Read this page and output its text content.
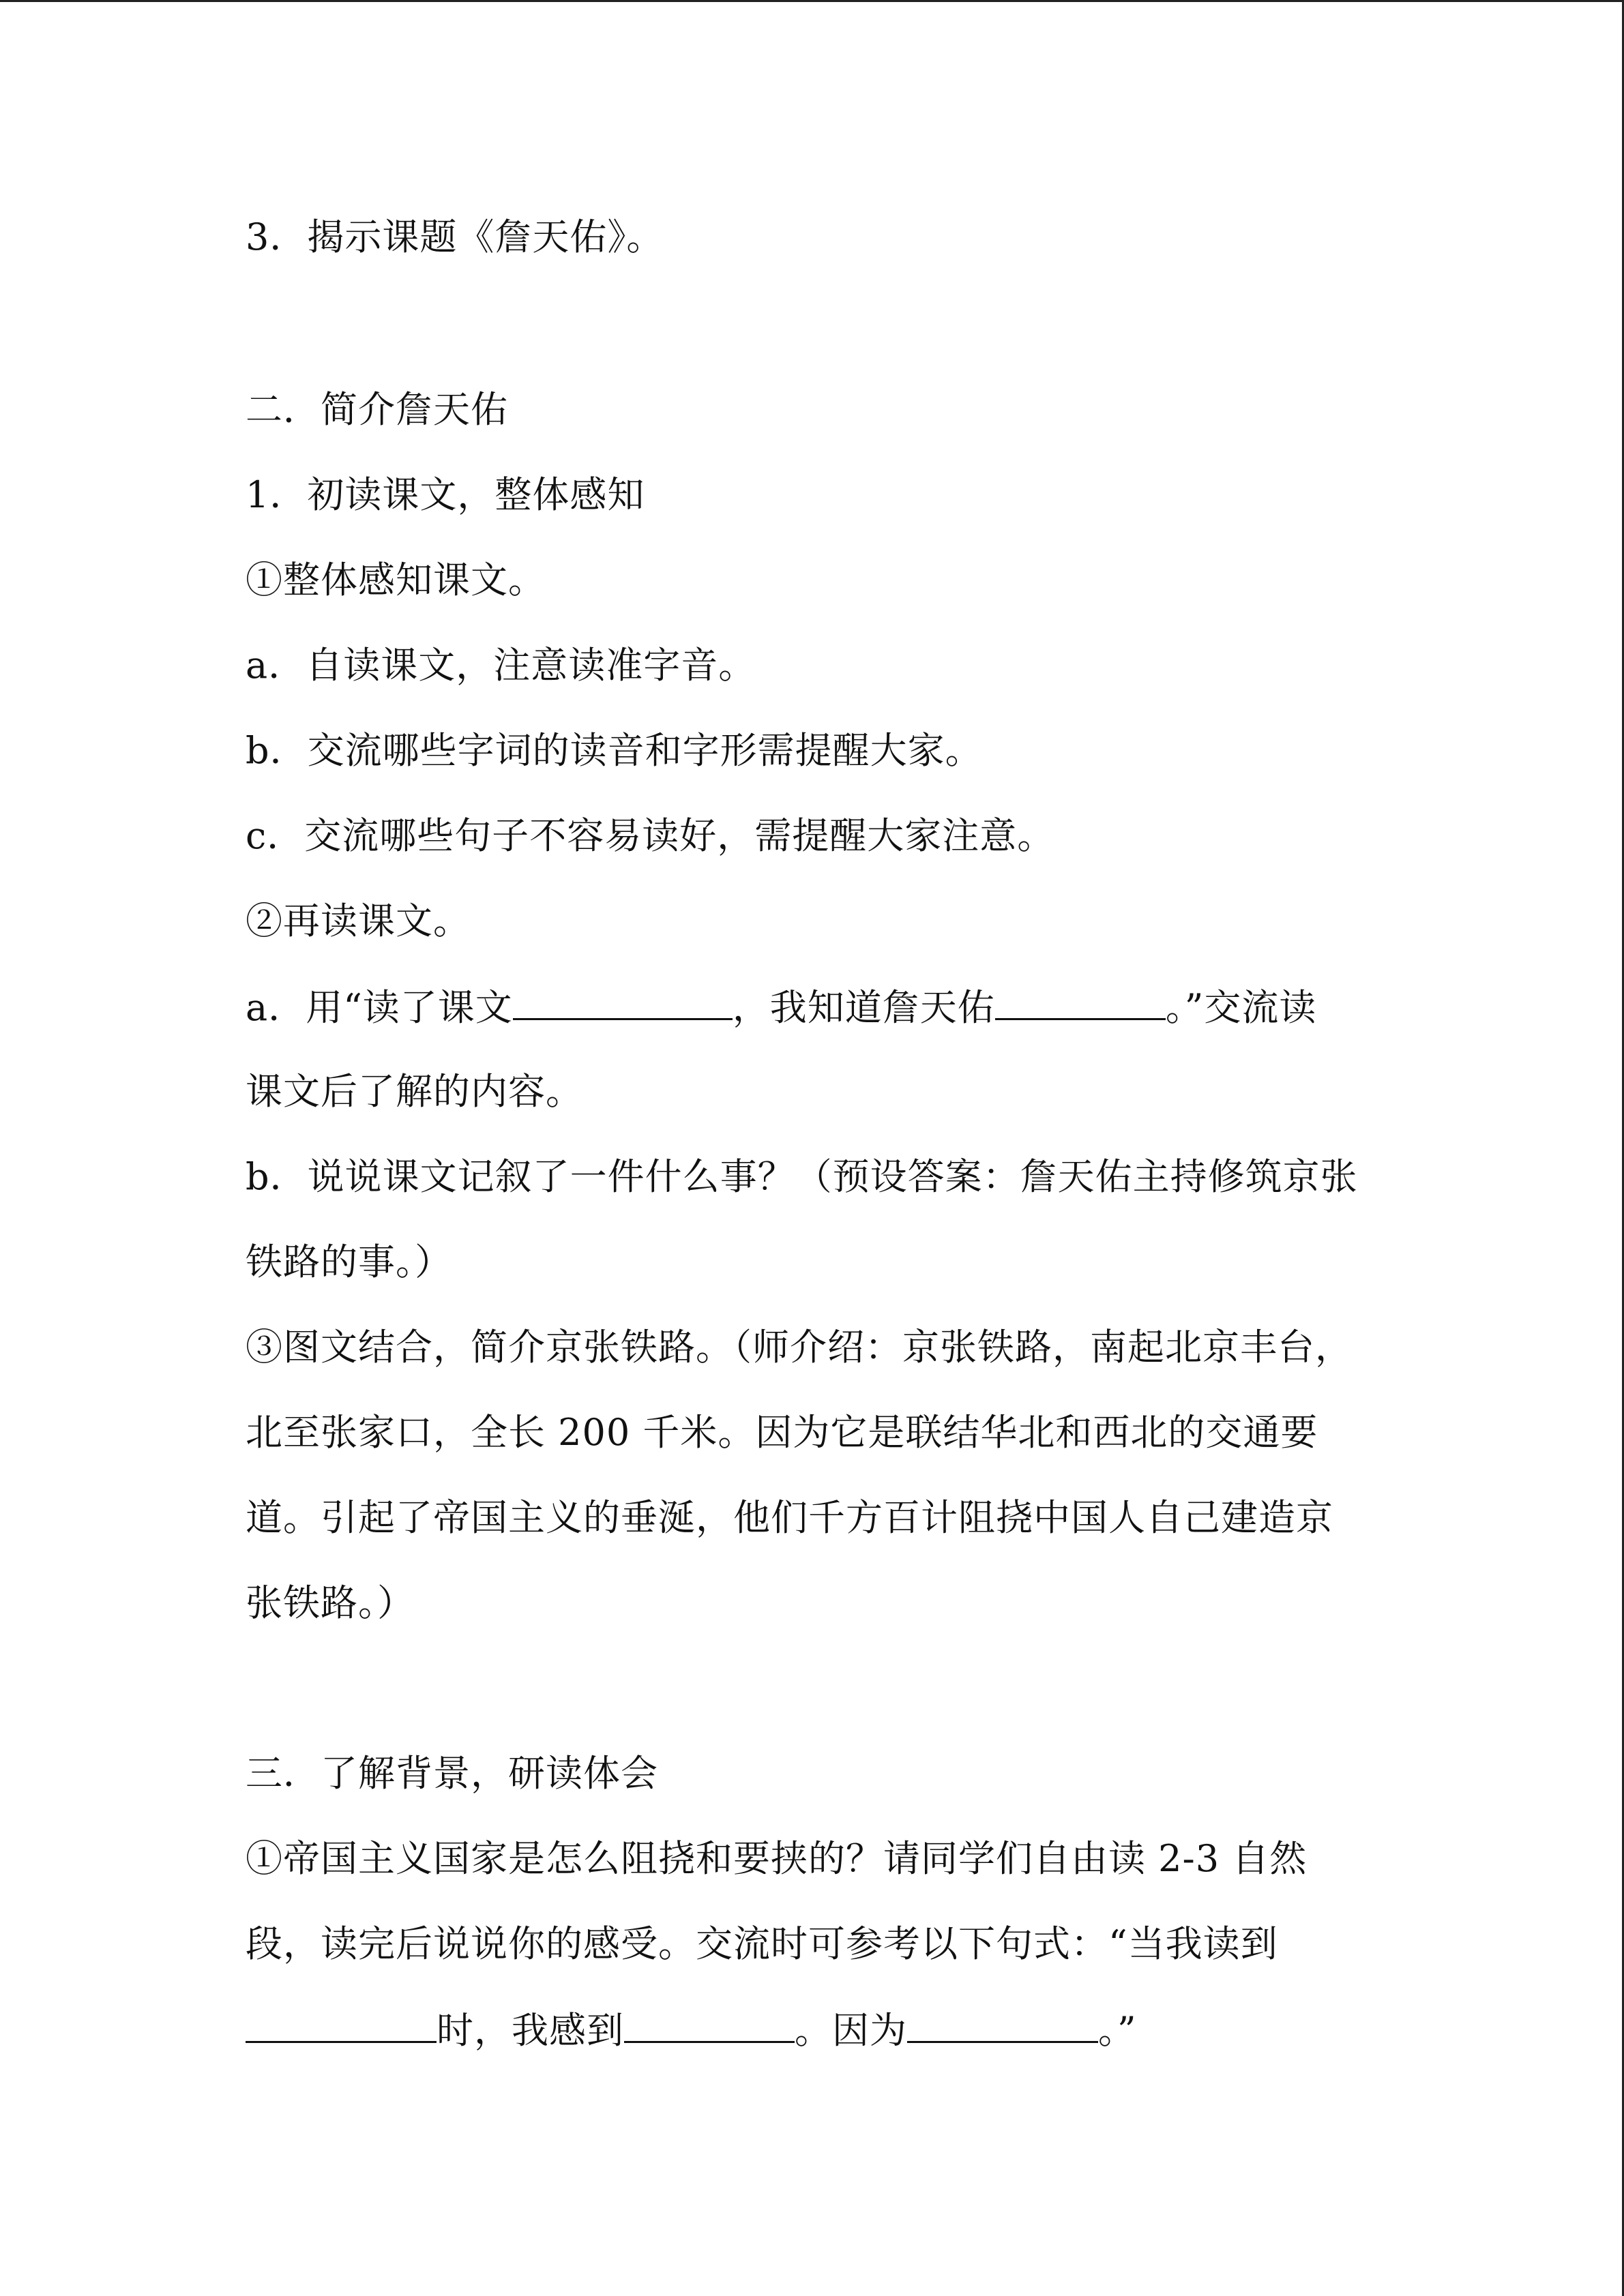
3．揭示课题《詹天佑》。
二．简介詹天佑
1．初读课文，整体感知
①整体感知课文。
a．自读课文，注意读准字音。
b．交流哪些字词的读音和字形需提醒大家。
c．交流哪些句子不容易读好，需提醒大家注意。
②再读课文。
a．用“读了课文	，我知道詹天佑	。”交流读
课文后了解的内容。
b．说说课文记叙了一件什么事？（预设答案：詹天佑主持修筑京张
铁路的事。）
③图文结合，简介京张铁路。（师介绍：京张铁路，南起北京丰台，
北至张家口，全长 200 千米。因为它是联结华北和西北的交通要
道。引起了帝国主义的垂涎，他们千方百计阻挠中国人自己建造京
张铁路。）
三．了解背景，研读体会
①帝国主义国家是怎么阻挠和要挟的？请同学们自由读 2-3 自然
段，读完后说说你的感受。交流时可参考以下句式：“当我读到
时，我感到	。因为	。”
